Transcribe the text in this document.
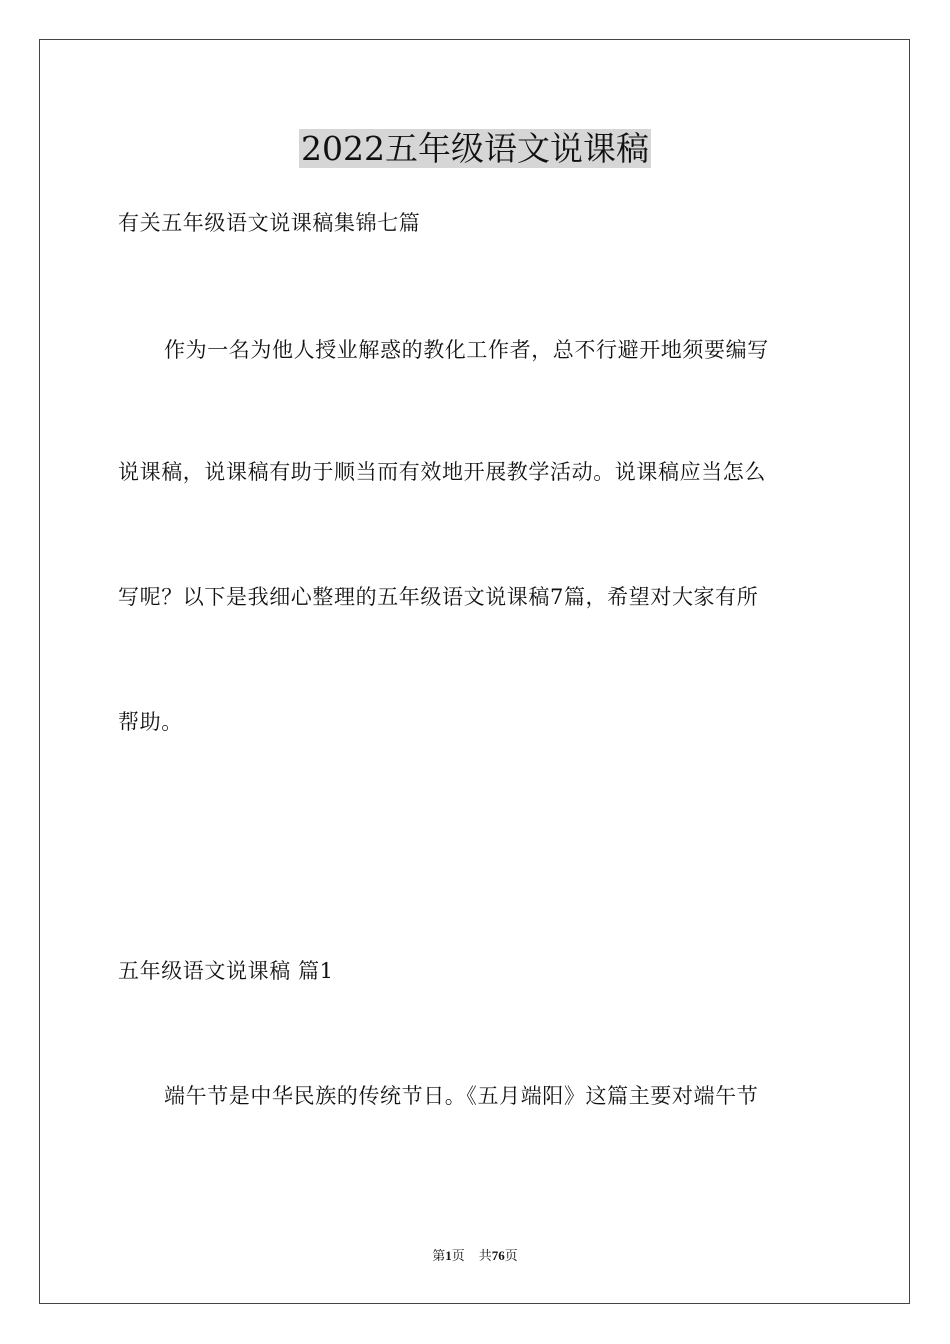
2022五年级语文说课稿

有关五年级语文说课稿集锦七篇

作为一名为他人授业解惑的教化工作者，总不行避开地须要编写

说课稿，说课稿有助于顺当而有效地开展教学活动。说课稿应当怎么

写呢？以下是我细心整理的五年级语文说课稿7篇，希望对大家有所

帮助。

五年级语文说课稿 篇1

端午节是中华民族的传统节日。《五月端阳》这篇主要对端午节

第1页 共76页
